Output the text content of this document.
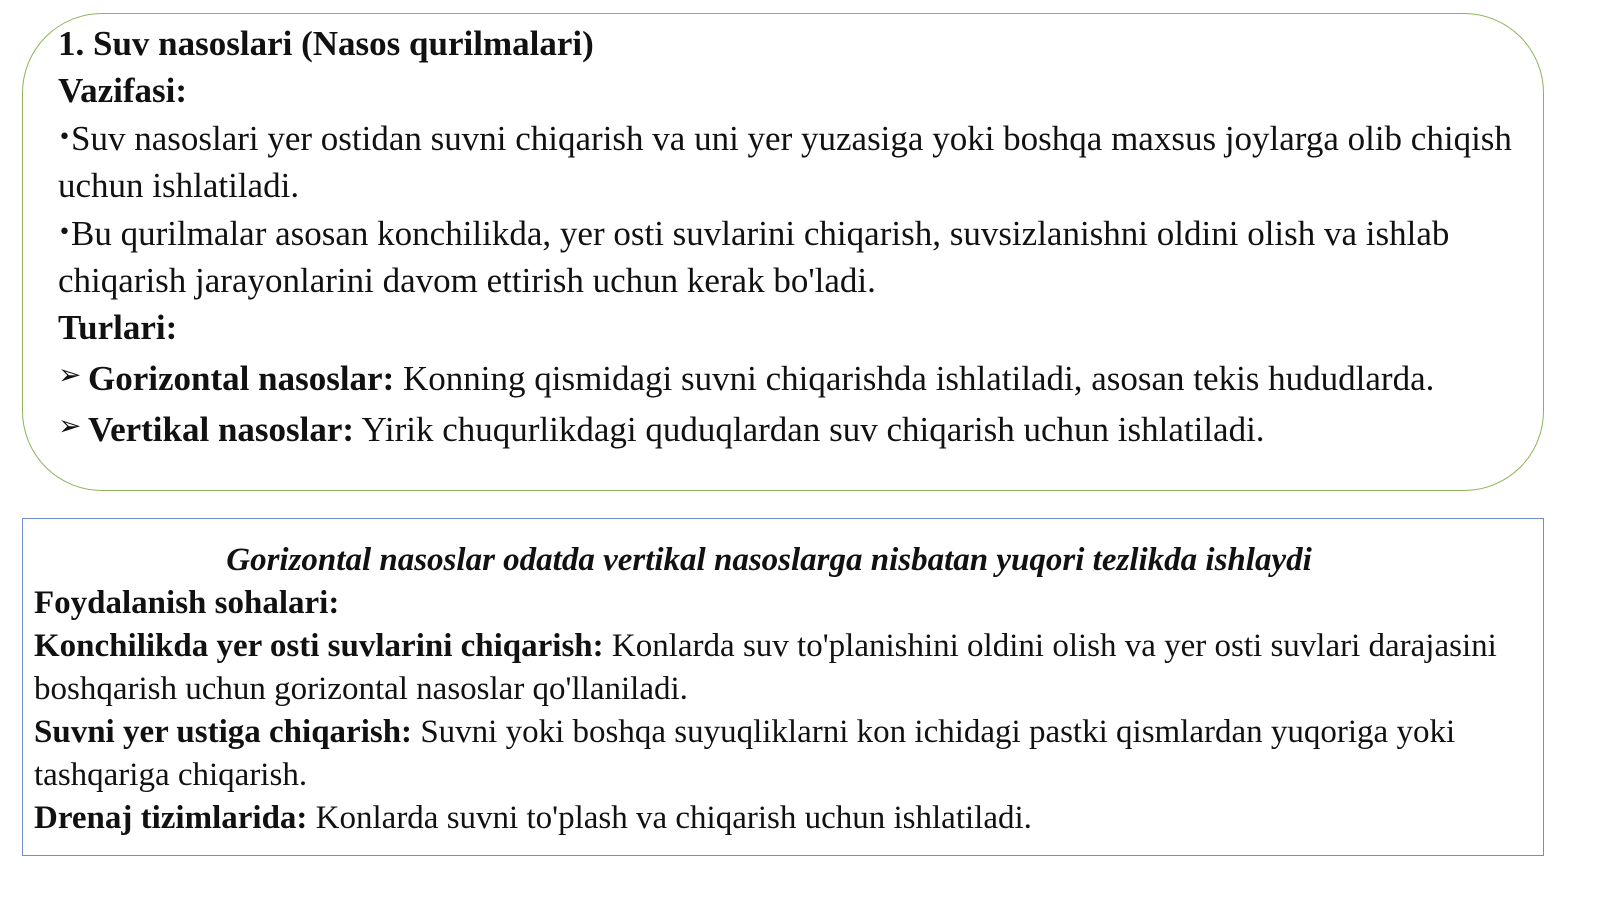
1. Suv nasoslari (Nasos qurilmalari)

Vazifasi:

•Suv nasoslari yer ostidan suvni chiqarish va uni yer yuzasiga yoki boshqa maxsus joylarga olib chiqish uchun ishlatiladi.

•Bu qurilmalar asosan konchilikda, yer osti suvlarini chiqarish, suvsizlanishni oldini olish va ishlab chiqarish jarayonlarini davom ettirish uchun kerak bo'ladi.

Turlari:

➢ Gorizontal nasoslar: Konning qismidagi suvni chiqarishda ishlatiladi, asosan tekis hududlarda.

➢ Vertikal nasoslar: Yirik chuqurlikdagi quduqlardan suv chiqarish uchun ishlatiladi.

Gorizontal nasoslar odatda vertikal nasoslarga nisbatan yuqori tezlikda ishlaydi

Foydalanish sohalari:

Konchilikda yer osti suvlarini chiqarish: Konlarda suv to'planishini oldini olish va yer osti suvlari darajasini boshqarish uchun gorizontal nasoslar qo'llaniladi.

Suvni yer ustiga chiqarish: Suvni yoki boshqa suyuqliklarni kon ichidagi pastki qismlardan yuqoriga yoki tashqariga chiqarish.

Drenaj tizimlarida: Konlarda suvni to'plash va chiqarish uchun ishlatiladi.
